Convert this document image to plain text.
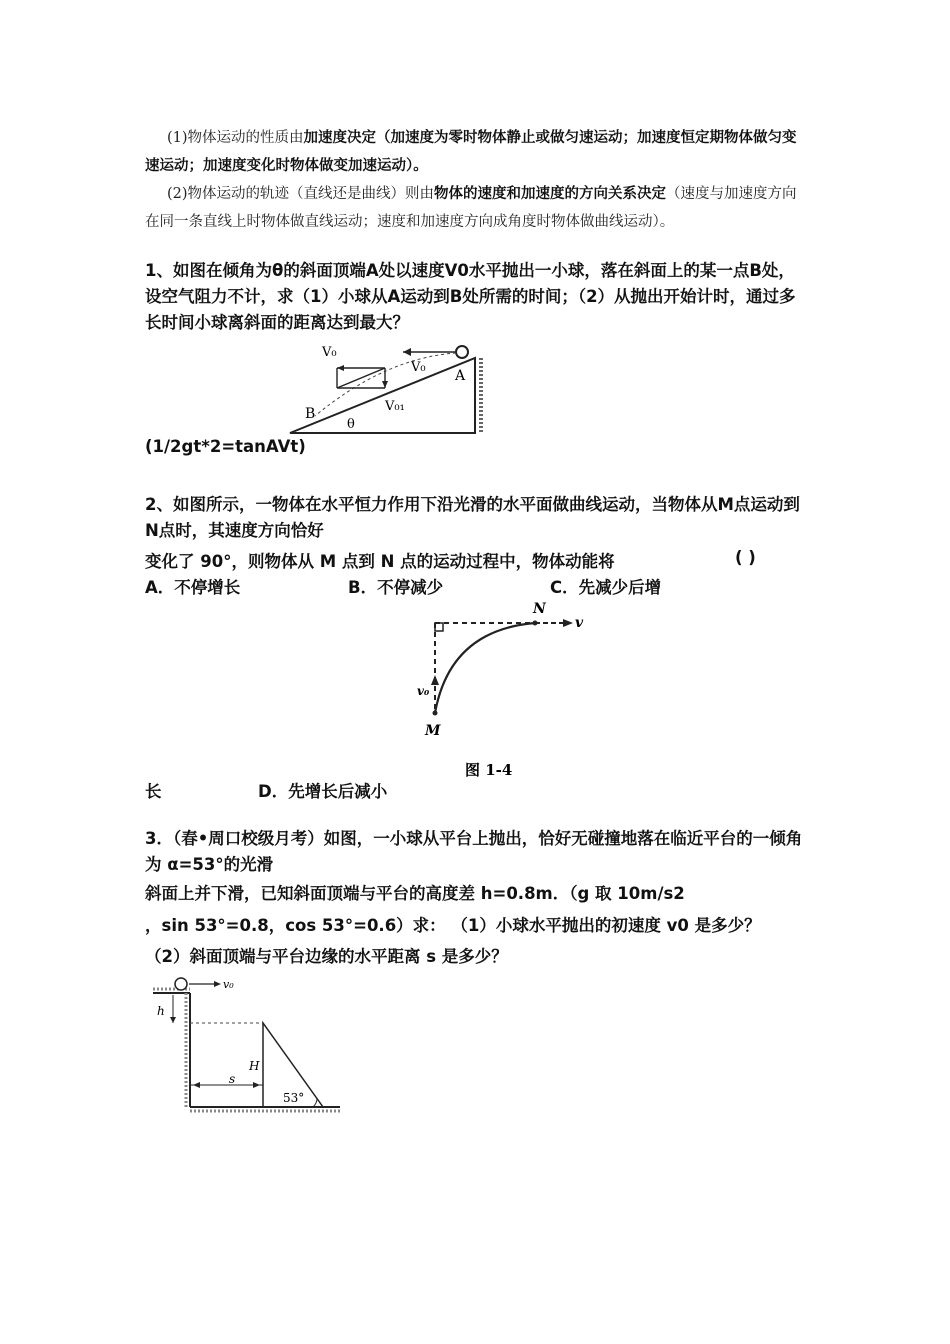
(1)物体运动的性质由加速度决定（加速度为零时物体静止或做匀速运动；加速度恒定期物体做匀变速运动；加速度变化时物体做变加速运动）。
(2)物体运动的轨迹（直线还是曲线）则由物体的速度和加速度的方向关系决定（速度与加速度方向在同一条直线上时物体做直线运动；速度和加速度方向成角度时物体做曲线运动）。
1、如图在倾角为θ的斜面顶端A处以速度V0水平抛出一小球，落在斜面上的某一点B处，设空气阻力不计，求（1）小球从A运动到B处所需的时间；（2）从抛出开始计时，通过多长时间小球离斜面的距离达到最大？
V₀
V₀
A
B	V₀₁
θ
(1/2gt*2=tanAVt)
2、如图所示，一物体在水平恒力作用下沿光滑的水平面做曲线运动，当物体从M点运动到N点时，其速度方向恰好
变化了 90°，则物体从 M 点到 N 点的运动过程中，物体动能将	( )
A．不停增长	B．不停减少	C．先减少后增
N
v
v₀
M
图 1-4
长	D．先增长后减小
3．（春•周口校级月考）如图，一小球从平台上抛出，恰好无碰撞地落在临近平台的一倾角为 α=53°的光滑
斜面上并下滑，已知斜面顶端与平台的高度差 h=0.8m．（g 取 10m/s2
，sin 53°=0.8，cos 53°=0.6）求： （1）小球水平抛出的初速度 v0 是多少？
（2）斜面顶端与平台边缘的水平距离 s 是多少？
v₀
h
H
s
53°
